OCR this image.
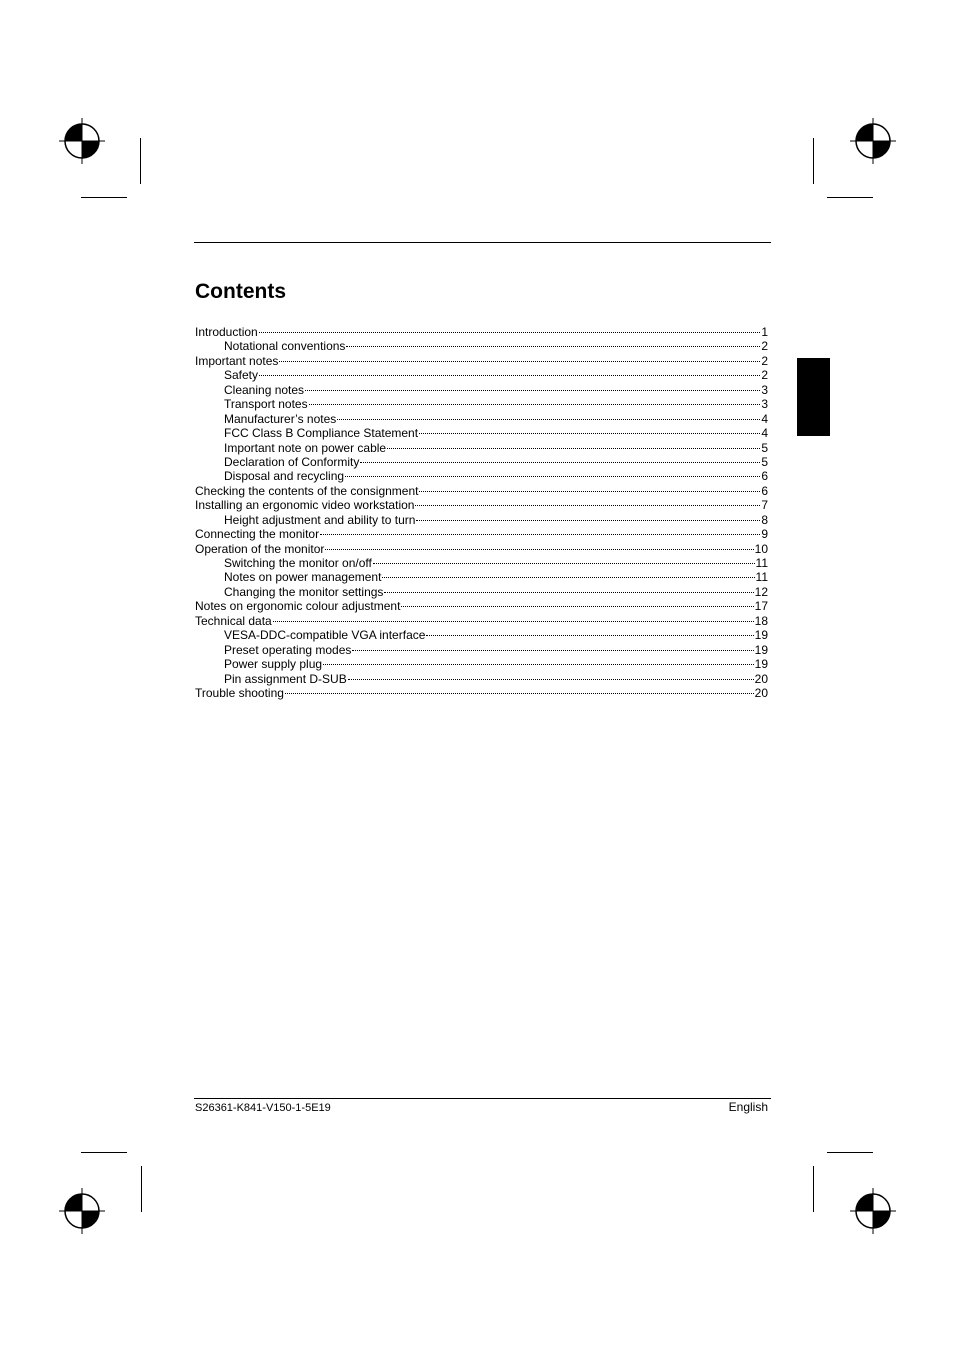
Contents
Introduction	1
Notational conventions	2
Important notes	2
Safety	2
Cleaning notes	3
Transport notes	3
Manufacturer’s notes	4
FCC Class B Compliance Statement	4
Important note on power cable	5
Declaration of Conformity	5
Disposal and recycling	6
Checking the contents of the consignment	6
Installing an ergonomic video workstation	7
Height adjustment and ability to turn	8
Connecting the monitor	9
Operation of the monitor	10
Switching the monitor on/off	11
Notes on power management	11
Changing the monitor settings	12
Notes on ergonomic colour adjustment	17
Technical data	18
VESA-DDC-compatible VGA interface	19
Preset operating modes	19
Power supply plug	19
Pin assignment D-SUB	20
Trouble shooting	20
S26361-K841-V150-1-5E19	English
